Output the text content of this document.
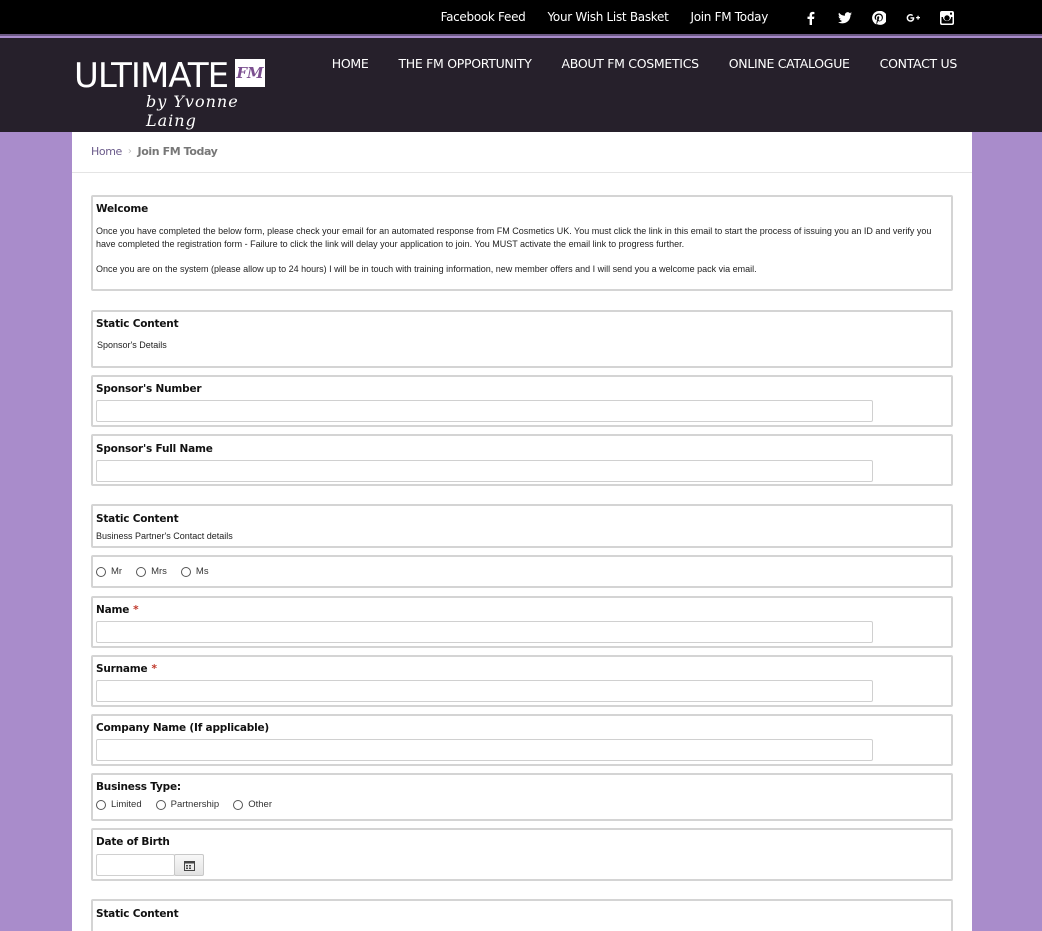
Facebook Feed Your Wish List Basket Join FM Today
ULTIMATE FM
by Yvonne Laing
HOME THE FM OPPORTUNITY ABOUT FM COSMETICS ONLINE CATALOGUE CONTACT US
Home › Join FM Today
Welcome
Once you have completed the below form, please check your email for an automated response from FM Cosmetics UK. You must click the link in this email to start the process of issuing you an ID and verify you have completed the registration form - Failure to click the link will delay your application to join. You MUST activate the email link to progress further.
Once you are on the system (please allow up to 24 hours) I will be in touch with training information, new member offers and I will send you a welcome pack via email.
Static Content
Sponsor's Details
Sponsor's Number
Sponsor's Full Name
Static Content
Business Partner's Contact details
Mr	Mrs	Ms
Name *
Surname *
Company Name (If applicable)
Business Type:
Limited	Partnership	Other
Date of Birth
Static Content
